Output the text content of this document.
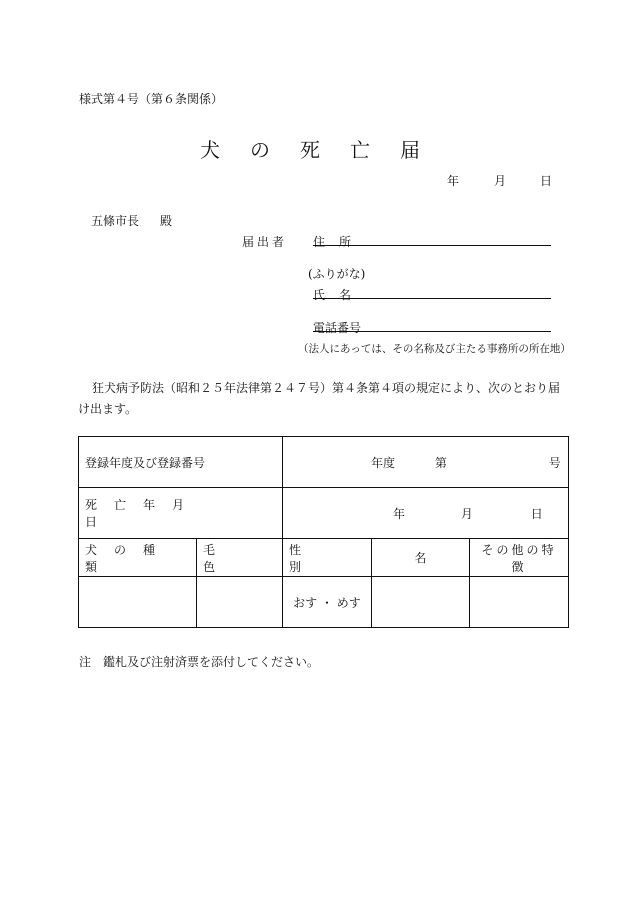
様式第４号（第６条関係）
犬の死亡届
年	月	日
五條市長 殿
届出者 住所
(ふりがな)
氏名
電話番号
（法人にあっては、その名称及び主たる事務所の所在地）
狂犬病予防法（昭和２５年法律第２４７号）第４条第４項の規定により、次のとおり届け出ます。
登録年度及び登録番号		年度 第 号		

死亡年月日		年 月 日		
犬の種類	毛色	性別	名	その他の特徴
		おす ・ めす		
注　鑑札及び注射済票を添付してください。
